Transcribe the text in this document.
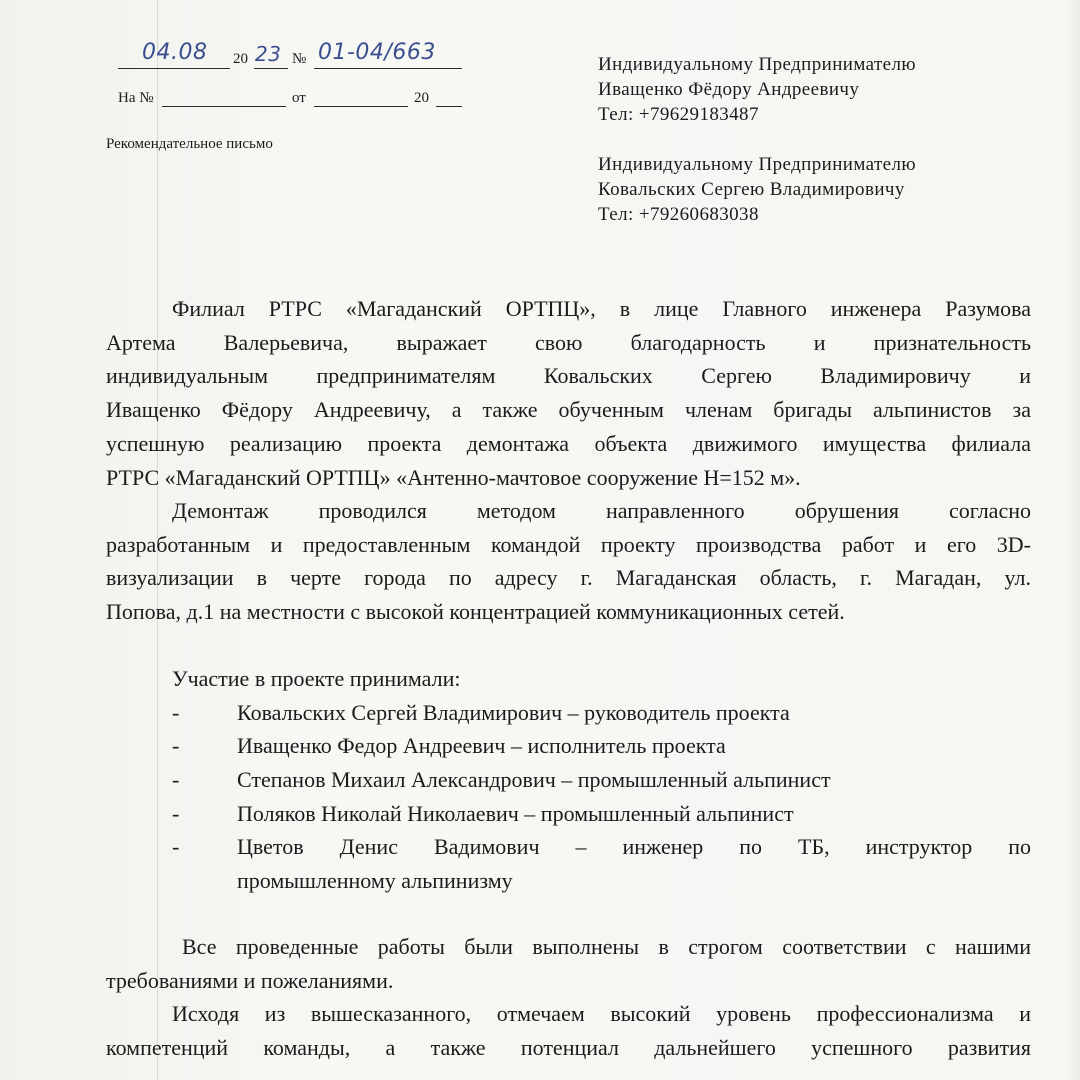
04.08 20 23 № 01-04/663
На №	от	20
Рекомендательное письмо
Индивидуальному Предпринимателю
Иващенко Фёдору Андреевичу
Тел: +79629183487
Индивидуальному Предпринимателю
Ковальских Сергею Владимировичу
Тел: +79260683038
Филиал РТРС «Магаданский ОРТПЦ», в лице Главного инженера Разумова
Артема Валерьевича, выражает свою благодарность и признательность
индивидуальным предпринимателям Ковальских Сергею Владимировичу и
Иващенко Фёдору Андреевичу, а также обученным членам бригады альпинистов за
успешную реализацию проекта демонтажа объекта движимого имущества филиала
РТРС «Магаданский ОРТПЦ» «Антенно-мачтовое сооружение Н=152 м».
Демонтаж проводился методом направленного обрушения согласно
разработанным и предоставленным командой проекту производства работ и его 3D-
визуализации в черте города по адресу г. Магаданская область, г. Магадан, ул.
Попова, д.1 на местности с высокой концентрацией коммуникационных сетей.
Участие в проекте принимали:
-	Ковальских Сергей Владимирович – руководитель проекта
-	Иващенко Федор Андреевич – исполнитель проекта
-	Степанов Михаил Александрович – промышленный альпинист
-	Поляков Николай Николаевич – промышленный альпинист
-	Цветов Денис Вадимович – инженер по ТБ, инструктор по
промышленному альпинизму
Все проведенные работы были выполнены в строгом соответствии с нашими
требованиями и пожеланиями.
Исходя из вышесказанного, отмечаем высокий уровень профессионализма и
компетенций команды, а также потенциал дальнейшего успешного развития
